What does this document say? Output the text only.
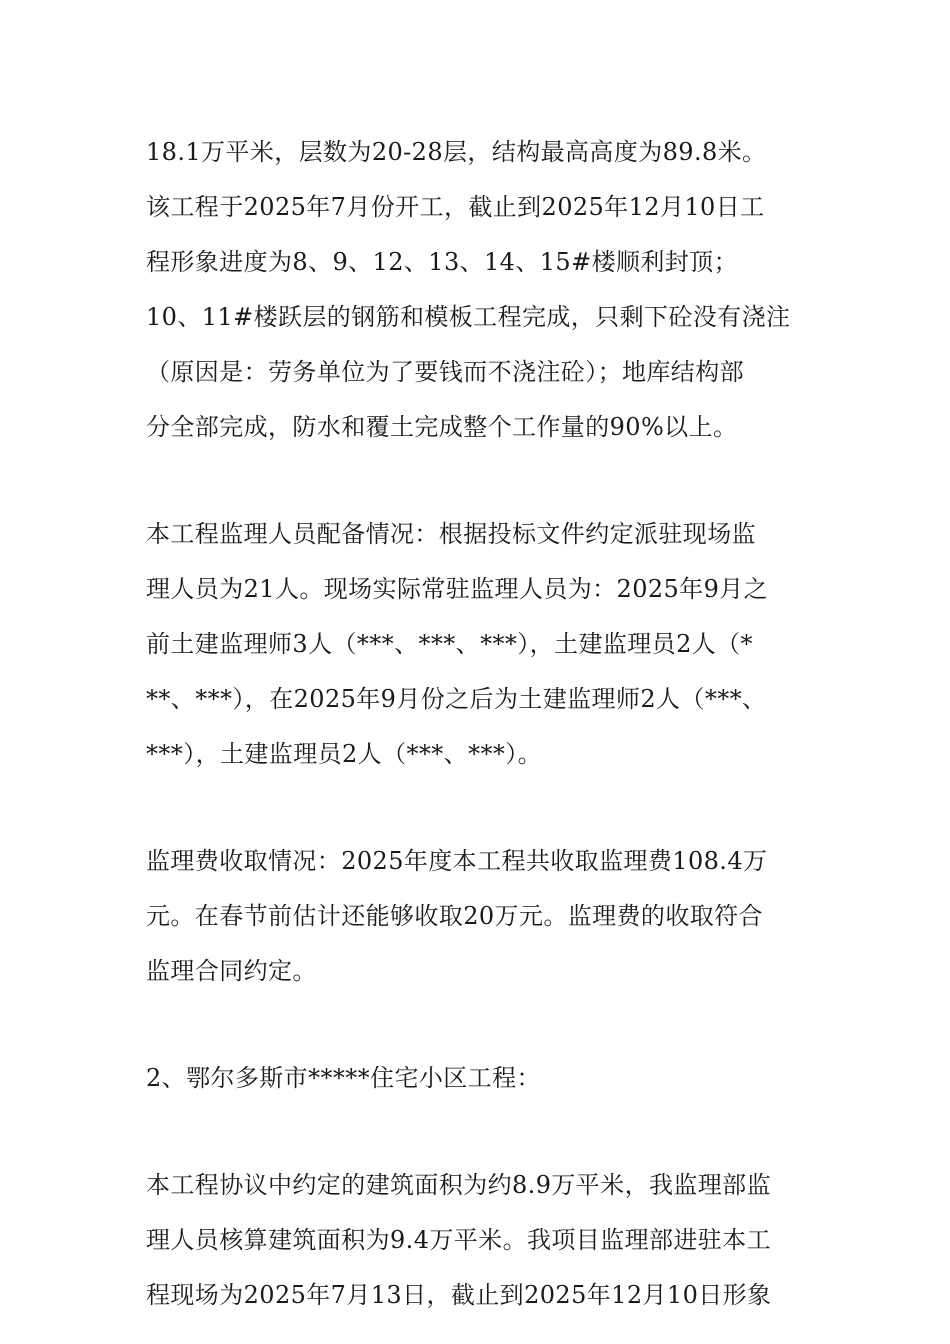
18.1万平米，层数为20-28层，结构最高高度为89.8米。
该工程于2025年7月份开工，截止到2025年12月10日工
程形象进度为8、9、12、13、14、15#楼顺利封顶；
10、11#楼跃层的钢筋和模板工程完成，只剩下砼没有浇注
（原因是：劳务单位为了要钱而不浇注砼）；地库结构部
分全部完成，防水和覆土完成整个工作量的90%以上。
本工程监理人员配备情况：根据投标文件约定派驻现场监
理人员为21人。现场实际常驻监理人员为：2025年9月之
前土建监理师3人（***、***、***），土建监理员2人（*
**、***），在2025年9月份之后为土建监理师2人（***、
***），土建监理员2人（***、***）。
监理费收取情况：2025年度本工程共收取监理费108.4万
元。在春节前估计还能够收取20万元。监理费的收取符合
监理合同约定。
2、鄂尔多斯市*****住宅小区工程：
本工程协议中约定的建筑面积为约8.9万平米，我监理部监
理人员核算建筑面积为9.4万平米。我项目监理部进驻本工
程现场为2025年7月13日，截止到2025年12月10日形象
